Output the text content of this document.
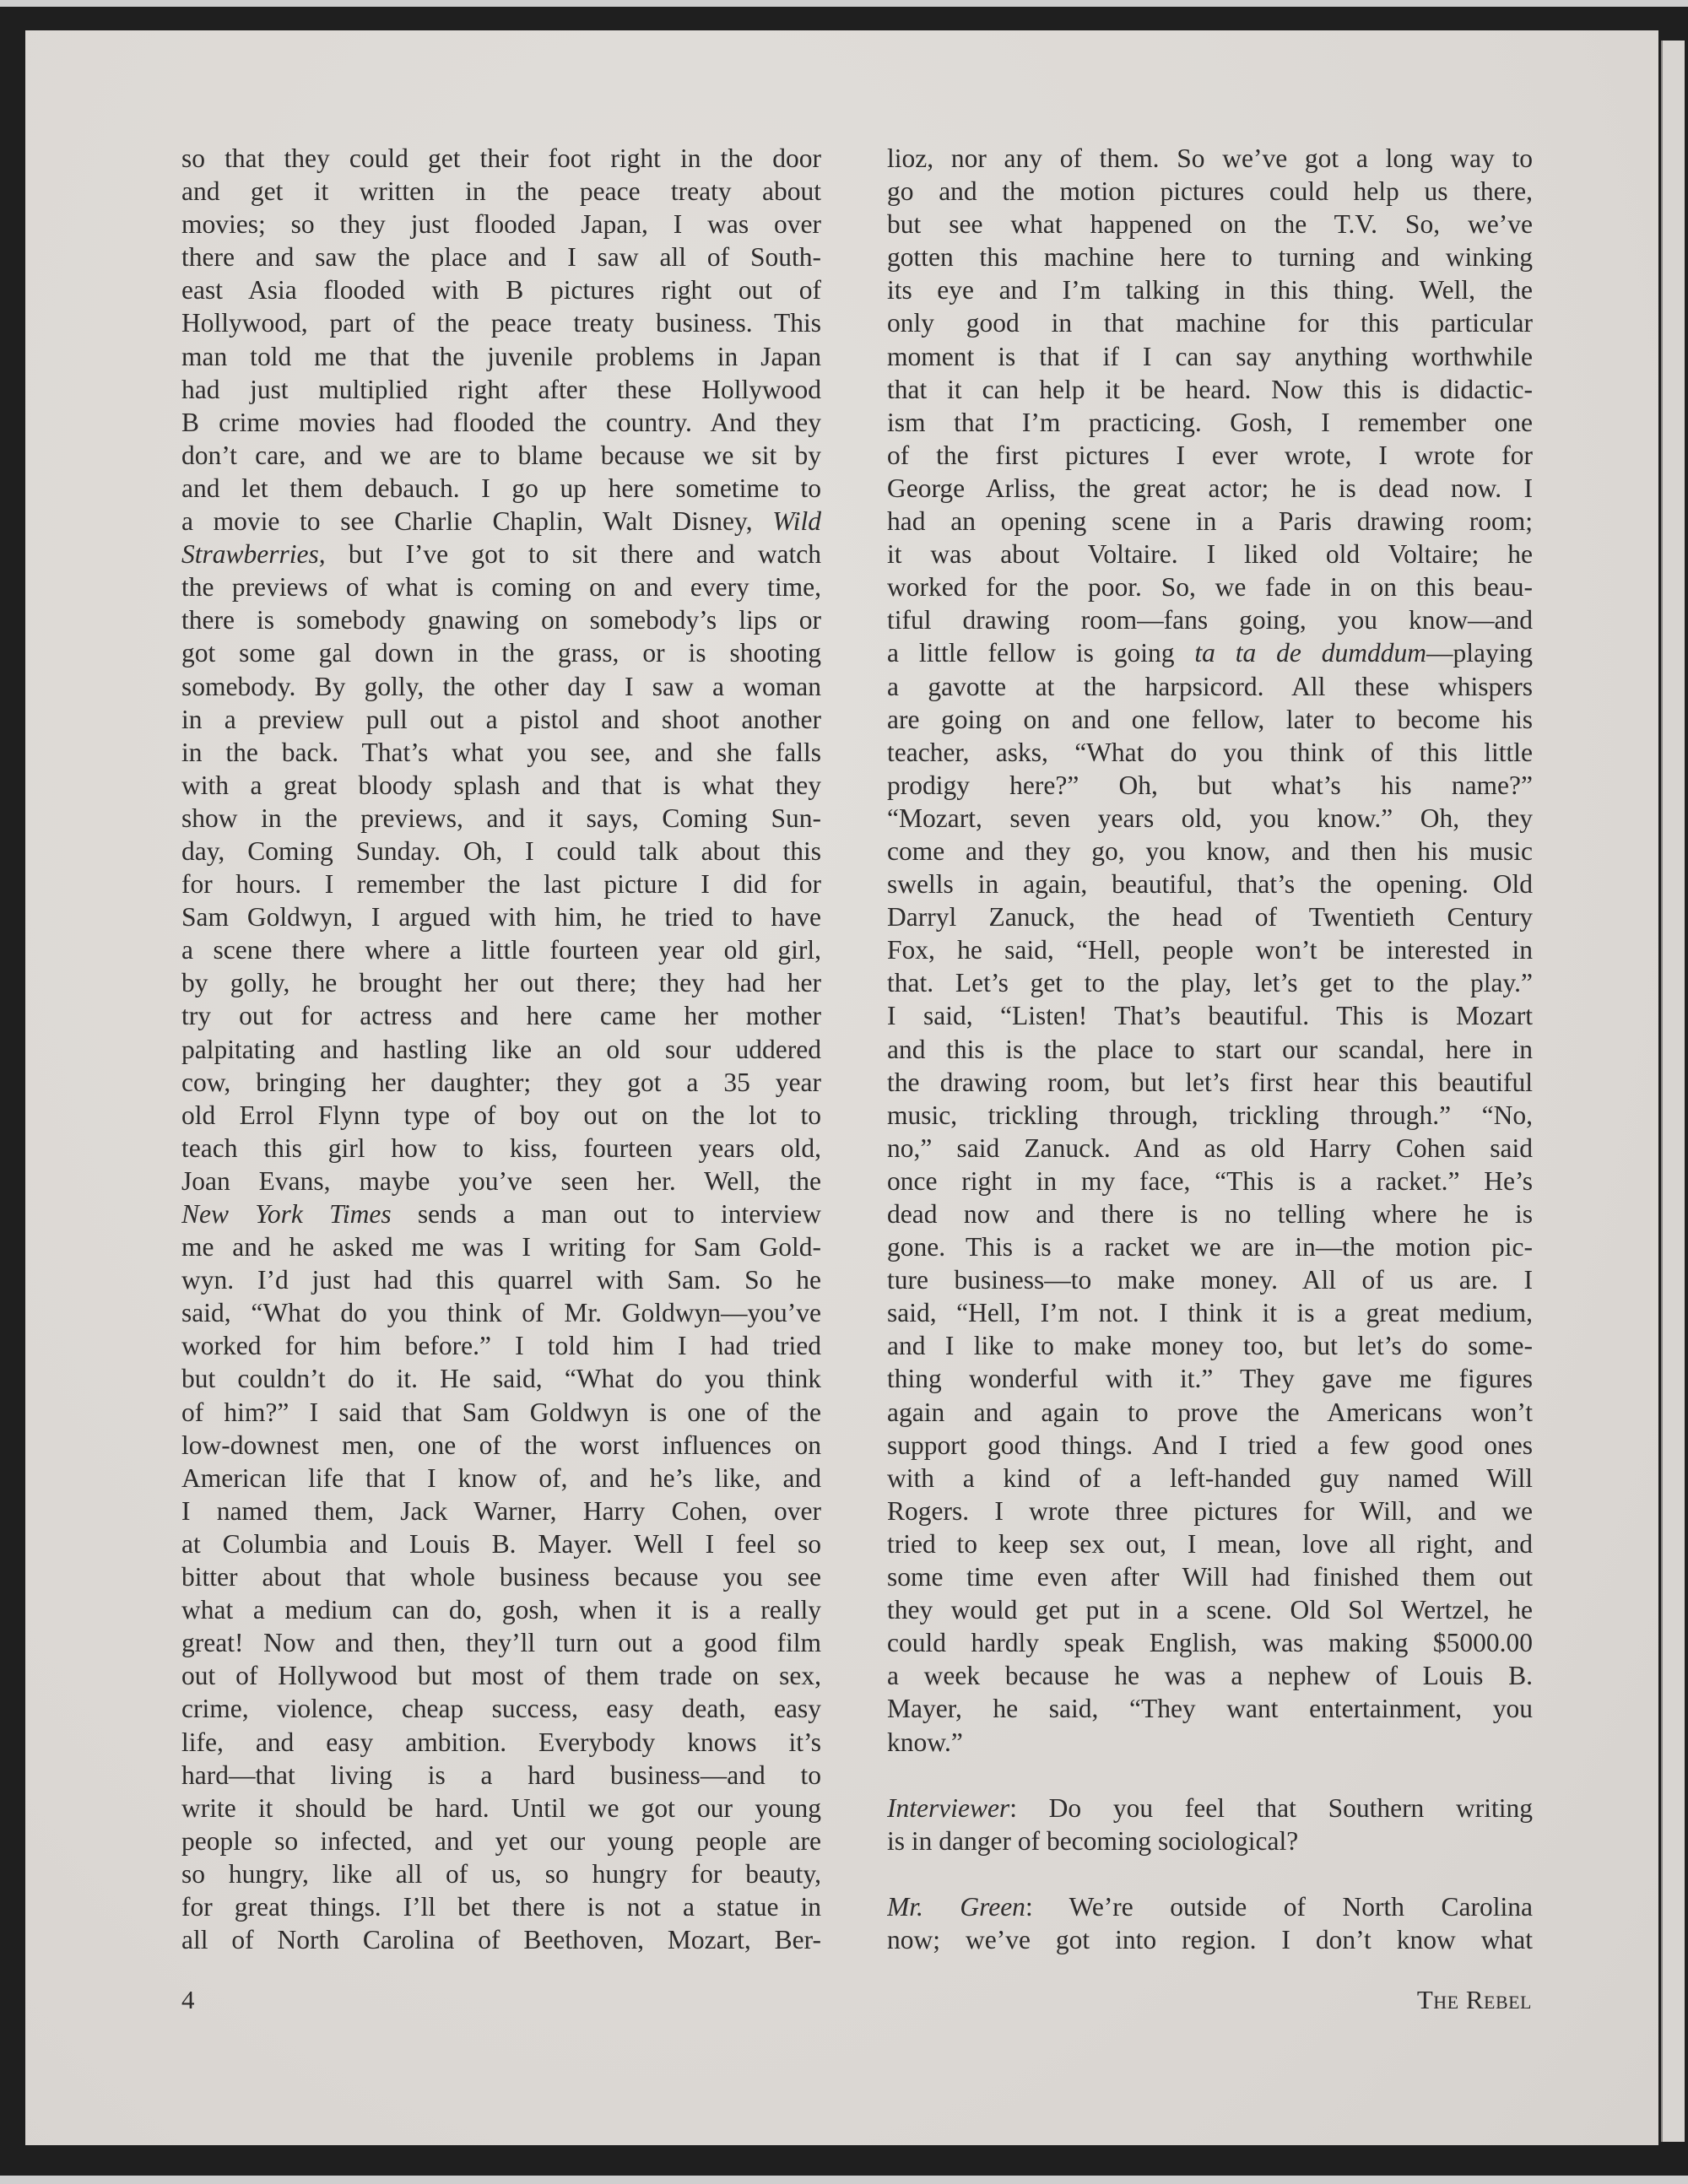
so that they could get their foot right in the door
and get it written in the peace treaty about
movies; so they just flooded Japan, I was over
there and saw the place and I saw all of South-
east Asia flooded with B pictures right out of
Hollywood, part of the peace treaty business. This
man told me that the juvenile problems in Japan
had just multiplied right after these Hollywood
B crime movies had flooded the country. And they
don’t care, and we are to blame because we sit by
and let them debauch. I go up here sometime to
a movie to see Charlie Chaplin, Walt Disney, Wild
Strawberries, but I’ve got to sit there and watch
the previews of what is coming on and every time,
there is somebody gnawing on somebody’s lips or
got some gal down in the grass, or is shooting
somebody. By golly, the other day I saw a woman
in a preview pull out a pistol and shoot another
in the back. That’s what you see, and she falls
with a great bloody splash and that is what they
show in the previews, and it says, Coming Sun-
day, Coming Sunday. Oh, I could talk about this
for hours. I remember the last picture I did for
Sam Goldwyn, I argued with him, he tried to have
a scene there where a little fourteen year old girl,
by golly, he brought her out there; they had her
try out for actress and here came her mother
palpitating and hastling like an old sour uddered
cow, bringing her daughter; they got a 35 year
old Errol Flynn type of boy out on the lot to
teach this girl how to kiss, fourteen years old,
Joan Evans, maybe you’ve seen her. Well, the
New York Times sends a man out to interview
me and he asked me was I writing for Sam Gold-
wyn. I’d just had this quarrel with Sam. So he
said, “What do you think of Mr. Goldwyn—you’ve
worked for him before.” I told him I had tried
but couldn’t do it. He said, “What do you think
of him?” I said that Sam Goldwyn is one of the
low-downest men, one of the worst influences on
American life that I know of, and he’s like, and
I named them, Jack Warner, Harry Cohen, over
at Columbia and Louis B. Mayer. Well I feel so
bitter about that whole business because you see
what a medium can do, gosh, when it is a really
great! Now and then, they’ll turn out a good film
out of Hollywood but most of them trade on sex,
crime, violence, cheap success, easy death, easy
life, and easy ambition. Everybody knows it’s
hard—that living is a hard business—and to
write it should be hard. Until we got our young
people so infected, and yet our young people are
so hungry, like all of us, so hungry for beauty,
for great things. I’ll bet there is not a statue in
all of North Carolina of Beethoven, Mozart, Ber-
lioz, nor any of them. So we’ve got a long way to
go and the motion pictures could help us there,
but see what happened on the T.V. So, we’ve
gotten this machine here to turning and winking
its eye and I’m talking in this thing. Well, the
only good in that machine for this particular
moment is that if I can say anything worthwhile
that it can help it be heard. Now this is didactic-
ism that I’m practicing. Gosh, I remember one
of the first pictures I ever wrote, I wrote for
George Arliss, the great actor; he is dead now. I
had an opening scene in a Paris drawing room;
it was about Voltaire. I liked old Voltaire; he
worked for the poor. So, we fade in on this beau-
tiful drawing room—fans going, you know—and
a little fellow is going ta ta de dumddum—playing
a gavotte at the harpsicord. All these whispers
are going on and one fellow, later to become his
teacher, asks, “What do you think of this little
prodigy here?” Oh, but what’s his name?”
“Mozart, seven years old, you know.” Oh, they
come and they go, you know, and then his music
swells in again, beautiful, that’s the opening. Old
Darryl Zanuck, the head of Twentieth Century
Fox, he said, “Hell, people won’t be interested in
that. Let’s get to the play, let’s get to the play.”
I said, “Listen! That’s beautiful. This is Mozart
and this is the place to start our scandal, here in
the drawing room, but let’s first hear this beautiful
music, trickling through, trickling through.” “No,
no,” said Zanuck. And as old Harry Cohen said
once right in my face, “This is a racket.” He’s
dead now and there is no telling where he is
gone. This is a racket we are in—the motion pic-
ture business—to make money. All of us are. I
said, “Hell, I’m not. I think it is a great medium,
and I like to make money too, but let’s do some-
thing wonderful with it.” They gave me figures
again and again to prove the Americans won’t
support good things. And I tried a few good ones
with a kind of a left-handed guy named Will
Rogers. I wrote three pictures for Will, and we
tried to keep sex out, I mean, love all right, and
some time even after Will had finished them out
they would get put in a scene. Old Sol Wertzel, he
could hardly speak English, was making $5000.00
a week because he was a nephew of Louis B.
Mayer, he said, “They want entertainment, you
know.”
Interviewer: Do you feel that Southern writing
is in danger of becoming sociological?
Mr. Green: We’re outside of North Carolina
now; we’ve got into region. I don’t know what
4	The Rebel
